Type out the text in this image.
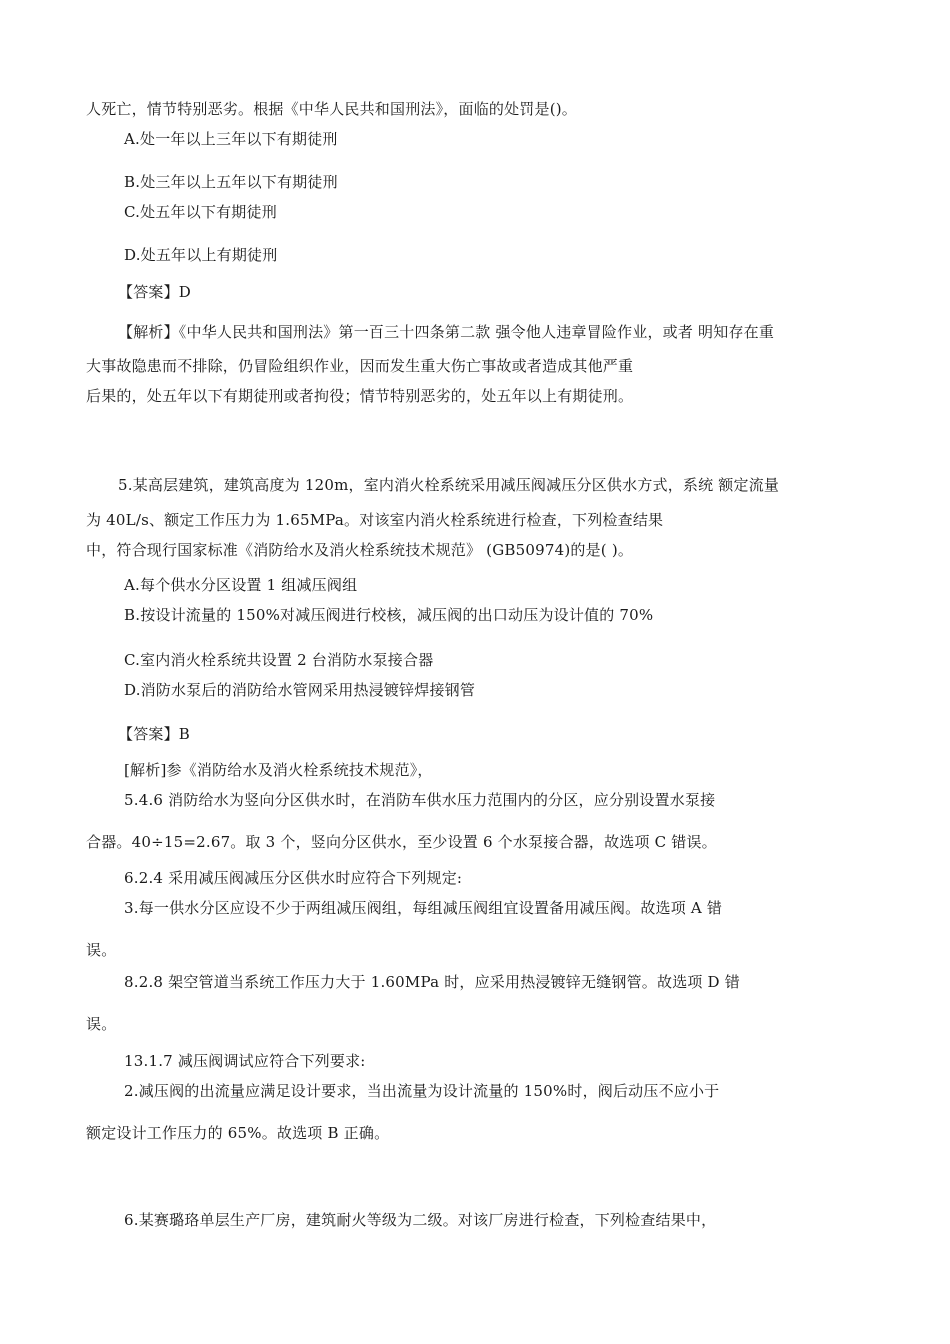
人死亡，情节特别恶劣。根据《中华人民共和国刑法》，面临的处罚是()。
A.处一年以上三年以下有期徒刑
B.处三年以上五年以下有期徒刑
C.处五年以下有期徒刑
D.处五年以上有期徒刑
【答案】D
【解析】《中华人民共和国刑法》第一百三十四条第二款 强令他人违章冒险作业，或者 明知存在重
大事故隐患而不排除，仍冒险组织作业，因而发生重大伤亡事故或者造成其他严重
后果的，处五年以下有期徒刑或者拘役；情节特别恶劣的，处五年以上有期徒刑。
5.某高层建筑，建筑高度为 120m，室内消火栓系统采用减压阀减压分区供水方式，系统 额定流量
为 40L/s、额定工作压力为 1.65MPa。对该室内消火栓系统进行检查，下列检查结果
中，符合现行国家标准《消防给水及消火栓系统技术规范》 (GB50974)的是( )。
A.每个供水分区设置 1 组减压阀组
B.按设计流量的 150%对减压阀进行校核，减压阀的出口动压为设计值的 70%
C.室内消火栓系统共设置 2 台消防水泵接合器
D.消防水泵后的消防给水管网采用热浸镀锌焊接钢管
【答案】B
[解析]参《消防给水及消火栓系统技术规范》，
5.4.6 消防给水为竖向分区供水时，在消防车供水压力范围内的分区，应分别设置水泵接
合器。40÷15=2.67。取 3 个，竖向分区供水，至少设置 6 个水泵接合器，故选项 C 错误。
6.2.4 采用减压阀减压分区供水时应符合下列规定:
3.每一供水分区应设不少于两组减压阀组，每组减压阀组宜设置备用减压阀。故选项 A 错
误。
8.2.8 架空管道当系统工作压力大于 1.60MPa 时，应采用热浸镀锌无缝钢管。故选项 D 错
误。
13.1.7 减压阀调试应符合下列要求:
2.减压阀的出流量应满足设计要求，当出流量为设计流量的 150%时，阀后动压不应小于
额定设计工作压力的 65%。故选项 B 正确。
6.某赛璐珞单层生产厂房，建筑耐火等级为二级。对该厂房进行检查，下列检查结果中，
